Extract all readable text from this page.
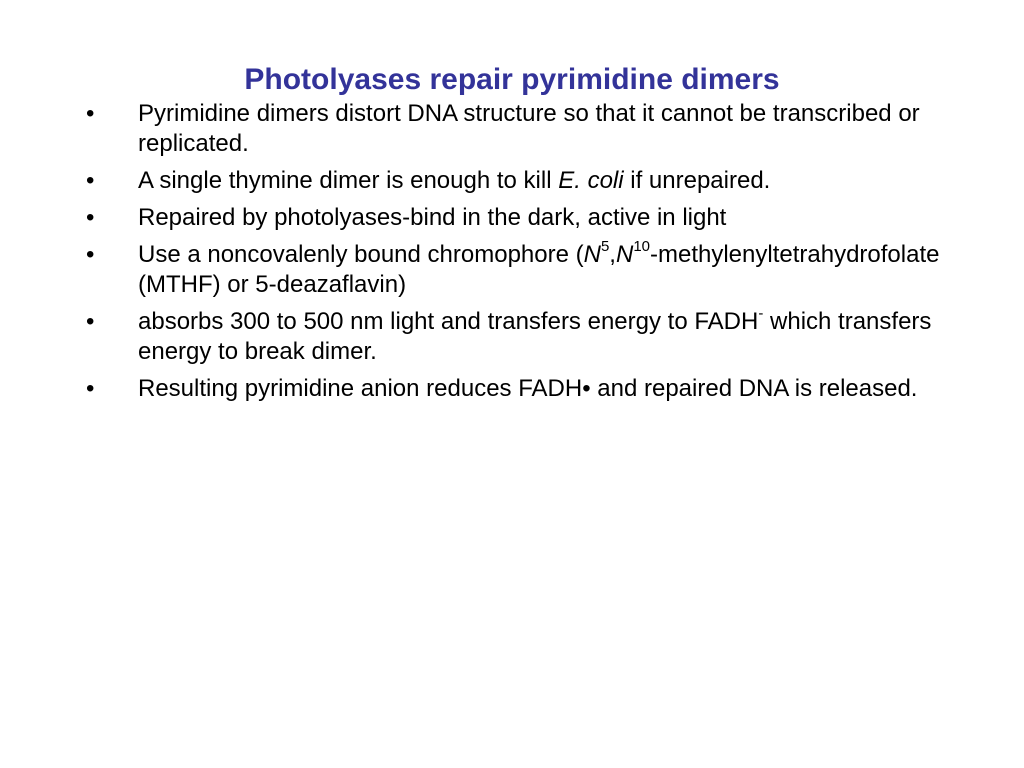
Photolyases repair pyrimidine dimers
•	Pyrimidine dimers distort DNA structure so that it cannot be transcribed or replicated.
•	A single thymine dimer is enough to kill E. coli if unrepaired.
•	Repaired by photolyases-bind in the dark, active in light
•	Use a noncovalenly bound chromophore ($N^5,N^{10}$-methylenyltetrahydrofolate (MTHF) or 5-deazaflavin)
•	absorbs 300 to 500 nm light and transfers energy to FADH- which transfers energy to break dimer.
•	Resulting pyrimidine anion reduces FADH• and repaired DNA is released.
